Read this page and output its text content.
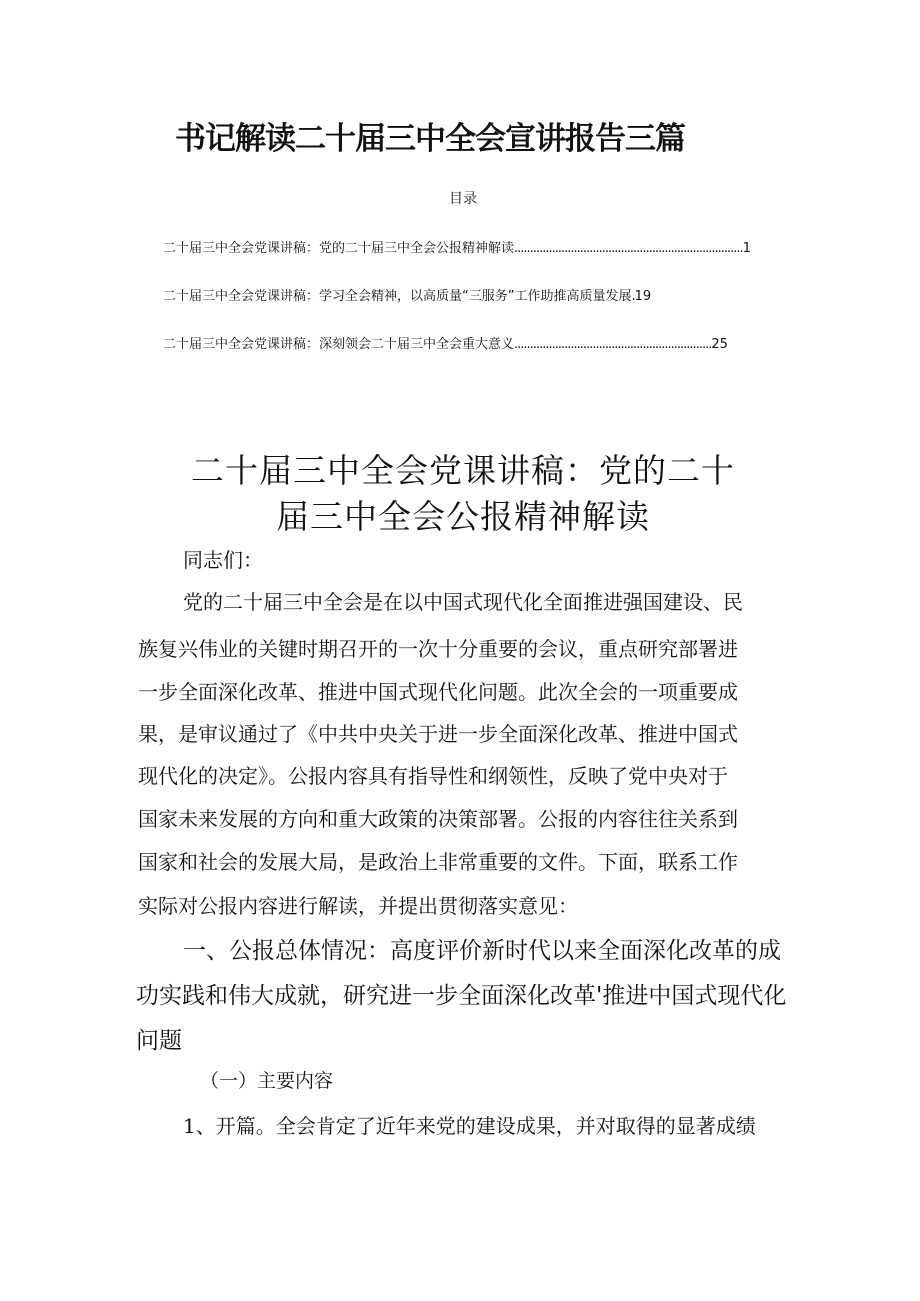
书记解读二十届三中全会宣讲报告三篇
目录
二十届三中全会党课讲稿：党的二十届三中全会公报精神解读.........................................................................1
二十届三中全会党课讲稿：学习全会精神，以高质量“三服务”工作助推高质量发展.19
二十届三中全会党课讲稿：深刻领会二十届三中全会重大意义...............................................................25
二十届三中全会党课讲稿：党的二十
届三中全会公报精神解读
同志们：
党的二十届三中全会是在以中国式现代化全面推进强国建设、民
族复兴伟业的关键时期召开的一次十分重要的会议，重点研究部署进
一步全面深化改革、推进中国式现代化问题。此次全会的一项重要成
果，是审议通过了《中共中央关于进一步全面深化改革、推进中国式
现代化的决定》。公报内容具有指导性和纲领性，反映了党中央对于
国家未来发展的方向和重大政策的决策部署。公报的内容往往关系到
国家和社会的发展大局，是政治上非常重要的文件。下面，联系工作
实际对公报内容进行解读，并提出贯彻落实意见：
一、公报总体情况：高度评价新时代以来全面深化改革的成
功实践和伟大成就，研究进一步全面深化改革'推进中国式现代化
问题
（一）主要内容
1、开篇。全会肯定了近年来党的建设成果，并对取得的显著成绩
